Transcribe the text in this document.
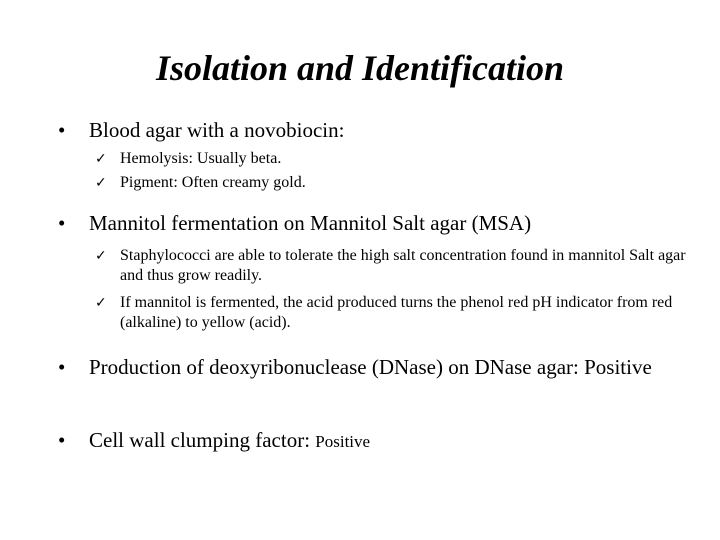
Isolation and Identification
•	Blood agar with a novobiocin:
✓ Hemolysis: Usually beta.
✓ Pigment: Often creamy gold.
•	Mannitol fermentation on Mannitol Salt agar (MSA)
✓ Staphylococci are able to tolerate the high salt concentration found in mannitol Salt agar and thus grow readily.
✓ If mannitol is fermented, the acid produced turns the phenol red pH indicator from red (alkaline) to yellow (acid).
•	Production of deoxyribonuclease (DNase) on DNase agar: Positive
•	Cell wall clumping factor: Positive
